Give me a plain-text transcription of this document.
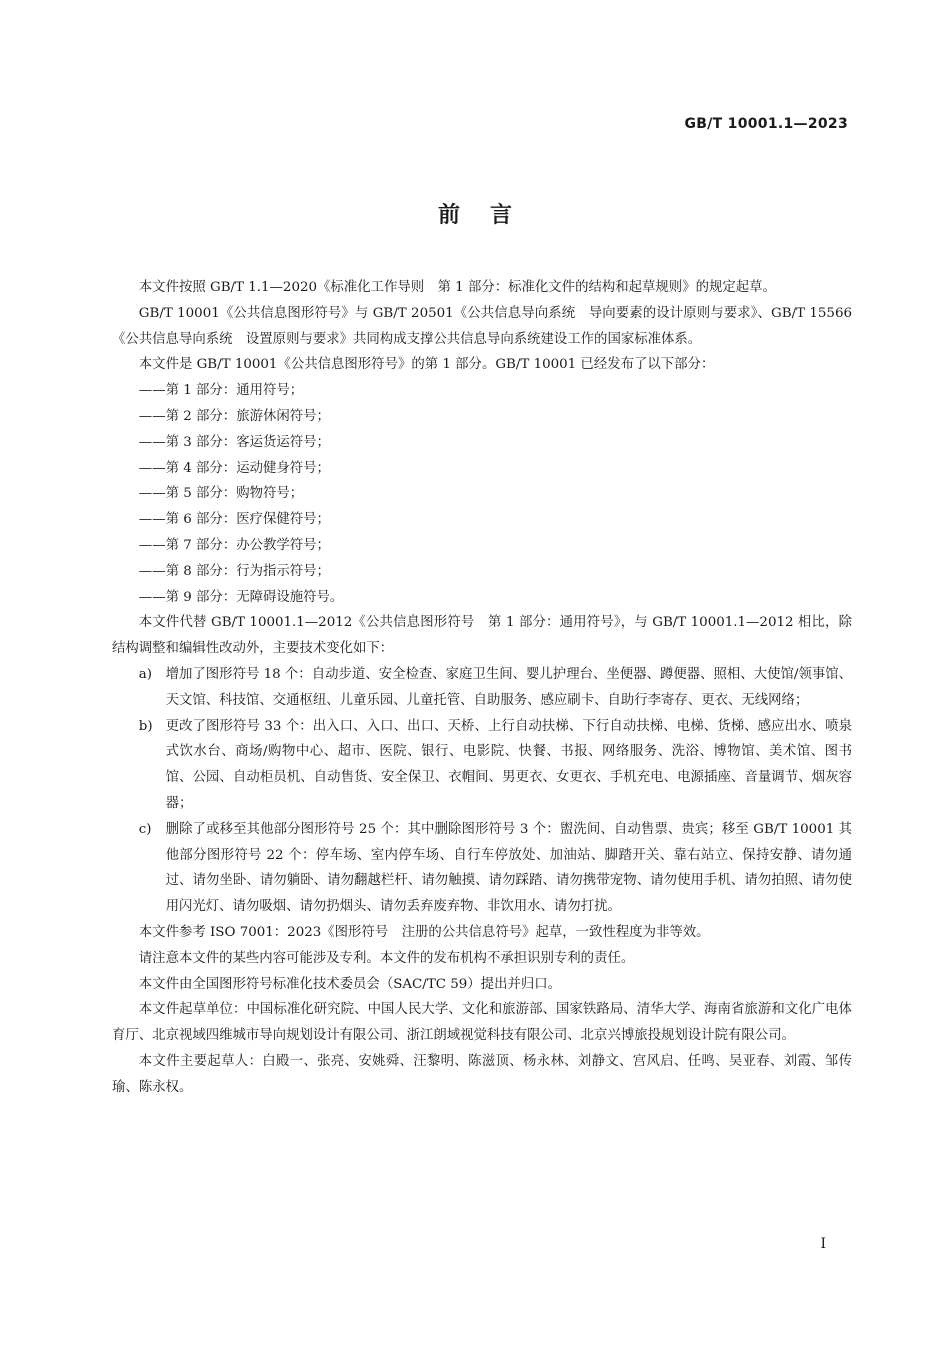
GB/T 10001.1—2023
前言

本文件按照 GB/T 1.1—2020《标准化工作导则　第 1 部分：标准化文件的结构和起草规则》的规定起草。

GB/T 10001《公共信息图形符号》与 GB/T 20501《公共信息导向系统　导向要素的设计原则与要求》、GB/T 15566《公共信息导向系统　设置原则与要求》共同构成支撑公共信息导向系统建设工作的国家标准体系。

本文件是 GB/T 10001《公共信息图形符号》的第 1 部分。GB/T 10001 已经发布了以下部分：

——第 1 部分：通用符号；

——第 2 部分：旅游休闲符号；

——第 3 部分：客运货运符号；

——第 4 部分：运动健身符号；

——第 5 部分：购物符号；

——第 6 部分：医疗保健符号；

——第 7 部分：办公教学符号；

——第 8 部分：行为指示符号；

——第 9 部分：无障碍设施符号。

本文件代替 GB/T 10001.1—2012《公共信息图形符号　第 1 部分：通用符号》，与 GB/T 10001.1—2012 相比，除结构调整和编辑性改动外，主要技术变化如下：

a)	增加了图形符号 18 个：自动步道、安全检查、家庭卫生间、婴儿护理台、坐便器、蹲便器、照相、大使馆/领事馆、天文馆、科技馆、交通枢纽、儿童乐园、儿童托管、自助服务、感应刷卡、自助行李寄存、更衣、无线网络；
b) 更改了图形符号 33 个：出入口、入口、出口、天桥、上行自动扶梯、下行自动扶梯、电梯、货梯、感应出水、喷泉式饮水台、商场/购物中心、超市、医院、银行、电影院、快餐、书报、网络服务、洗浴、博物馆、美术馆、图书馆、公园、自动柜员机、自动售货、安全保卫、衣帽间、男更衣、女更衣、手机充电、电源插座、音量调节、烟灰容器；
c)	删除了或移至其他部分图形符号 25 个：其中删除图形符号 3 个：盥洗间、自动售票、贵宾；移至 GB/T 10001 其他部分图形符号 22 个：停车场、室内停车场、自行车停放处、加油站、脚踏开关、靠右站立、保持安静、请勿通过、请勿坐卧、请勿躺卧、请勿翻越栏杆、请勿触摸、请勿踩踏、请勿携带宠物、请勿使用手机、请勿拍照、请勿使用闪光灯、请勿吸烟、请勿扔烟头、请勿丢弃废弃物、非饮用水、请勿打扰。

本文件参考 ISO 7001：2023《图形符号　注册的公共信息符号》起草，一致性程度为非等效。

请注意本文件的某些内容可能涉及专利。本文件的发布机构不承担识别专利的责任。

本文件由全国图形符号标准化技术委员会（SAC/TC 59）提出并归口。

本文件起草单位：中国标准化研究院、中国人民大学、文化和旅游部、国家铁路局、清华大学、海南省旅游和文化广电体育厅、北京视域四维城市导向规划设计有限公司、浙江朗域视觉科技有限公司、北京兴博旅投规划设计院有限公司。

本文件主要起草人：白殿一、张亮、安姚舜、汪黎明、陈滋顶、杨永林、刘静文、宫风启、任鸣、吴亚春、刘霞、邹传瑜、陈永权。

I
